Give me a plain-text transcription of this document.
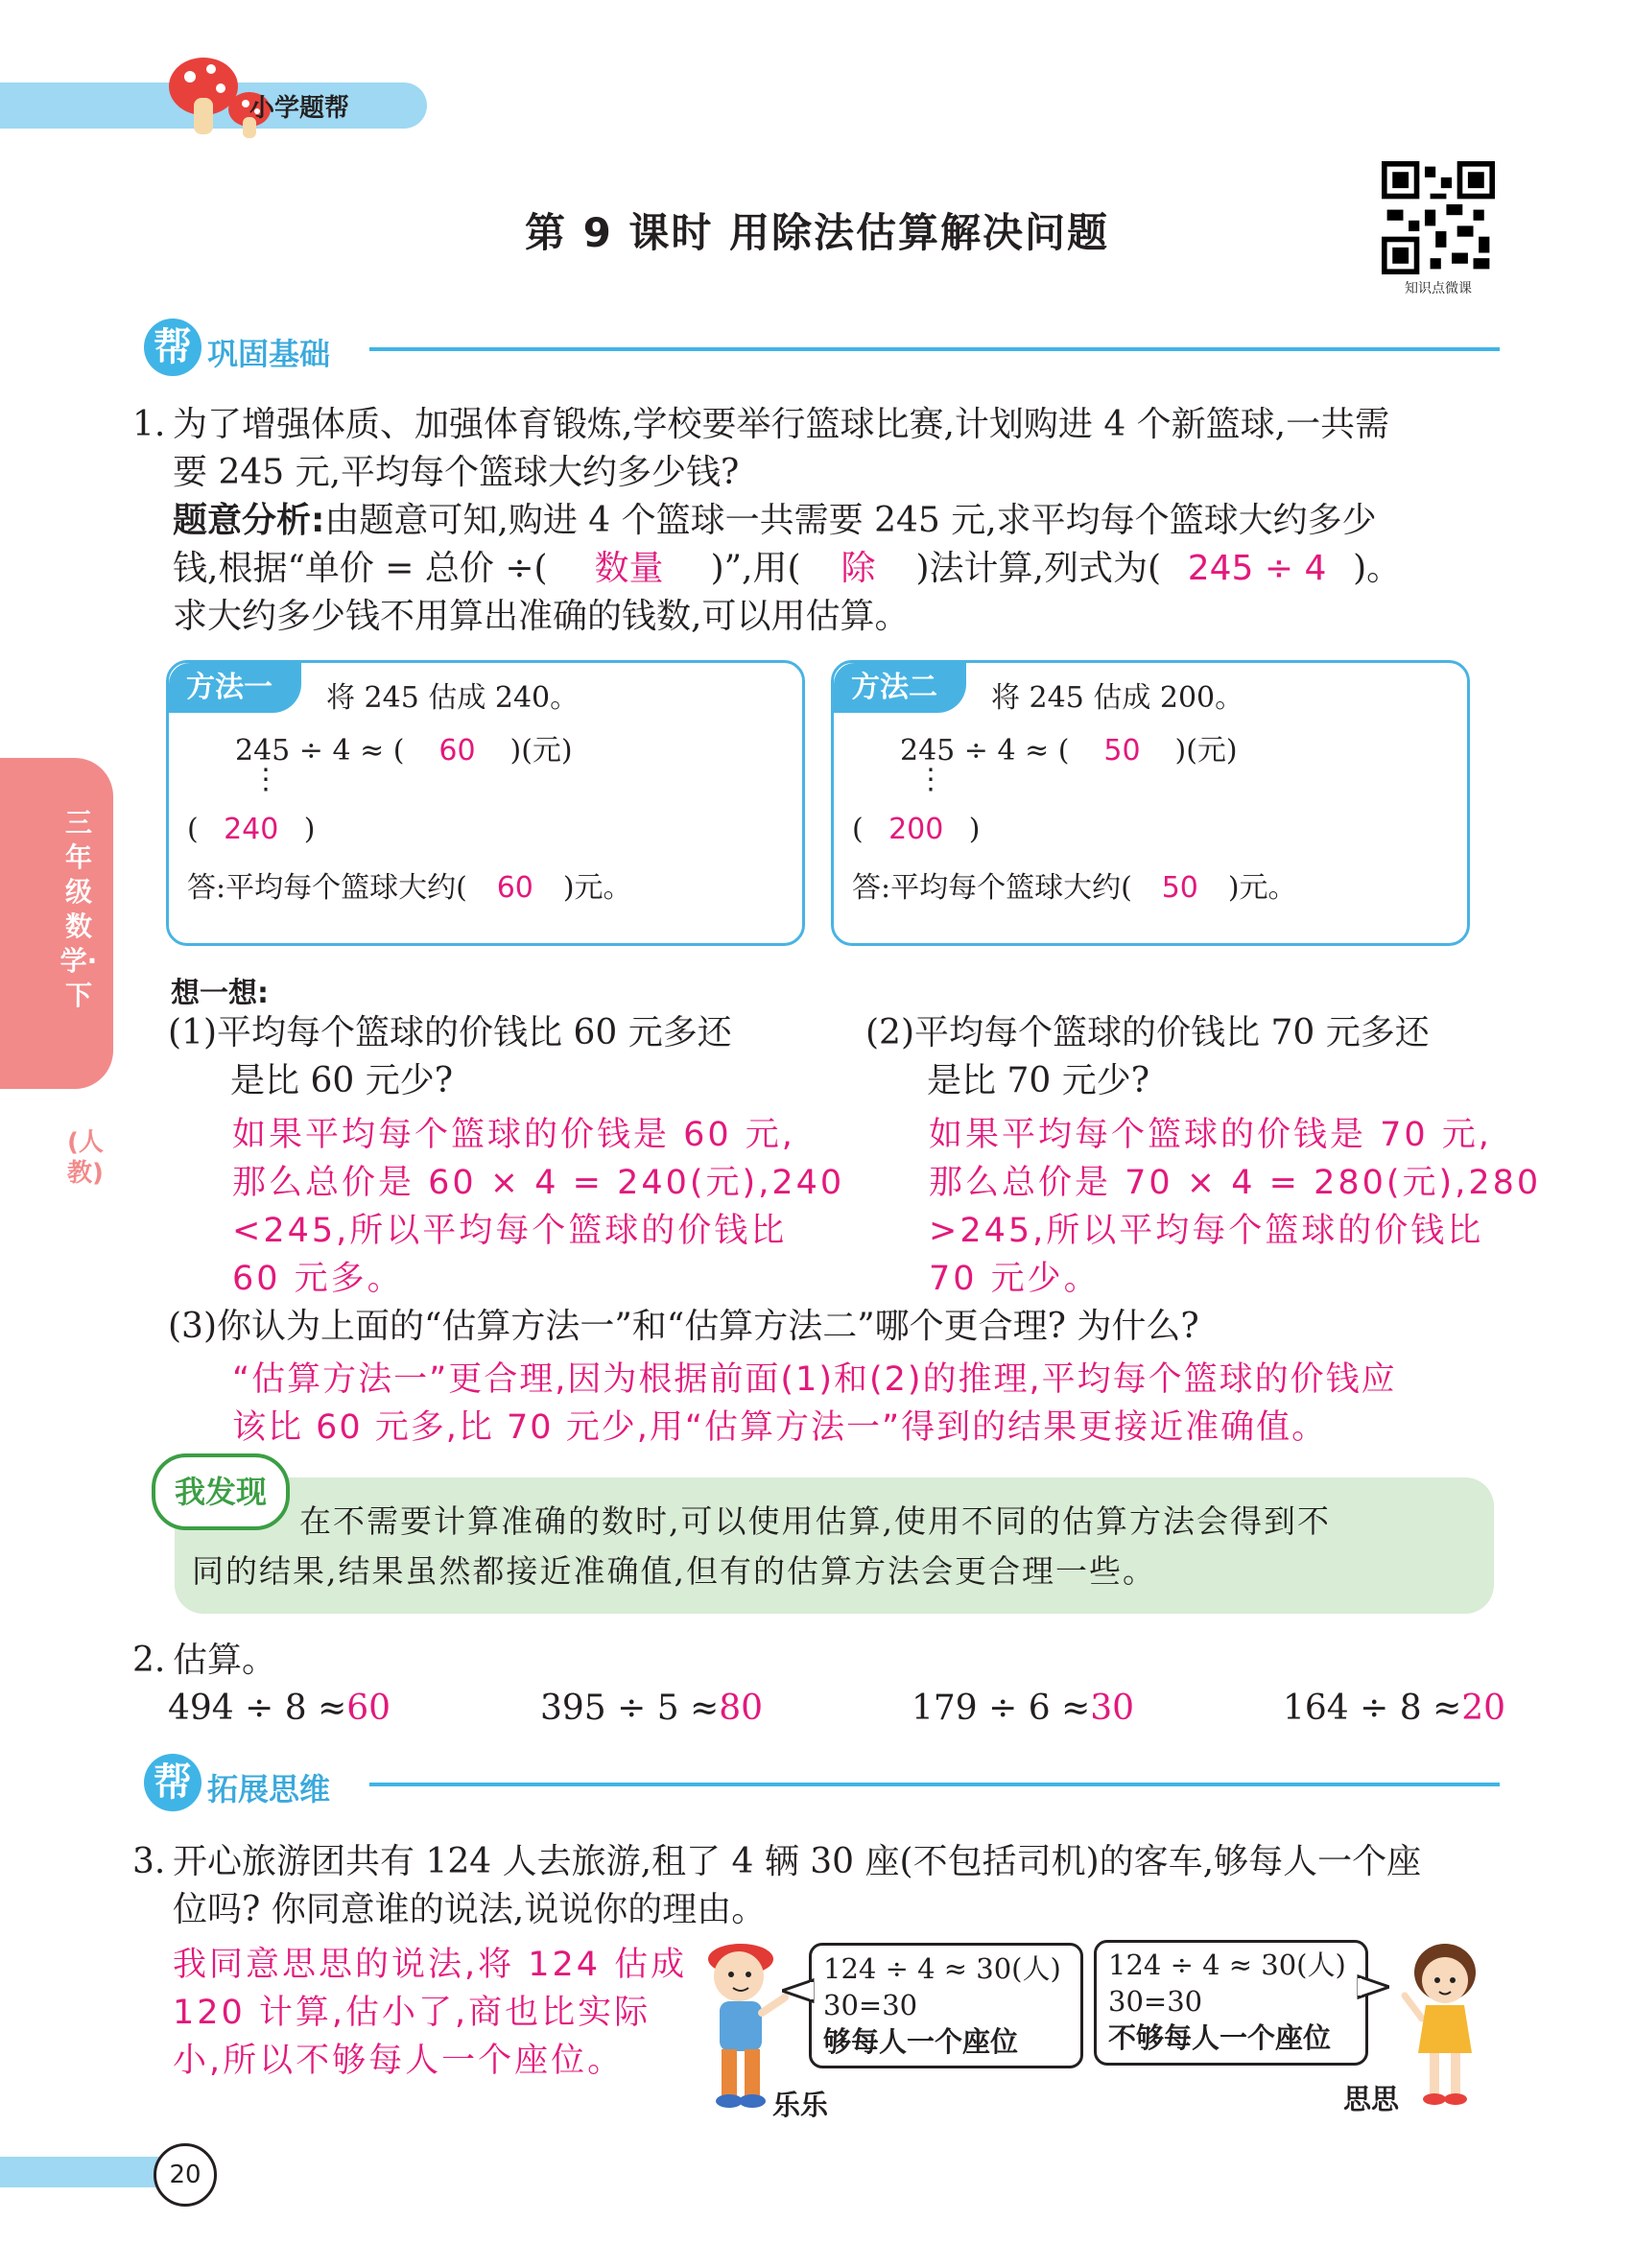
小学题帮
第 9 课时 用除法估算解决问题
知识点微课
帮 巩固基础
三年级数学·下
(人教)
1. 为了增强体质、加强体育锻炼,学校要举行篮球比赛,计划购进 4 个新篮球,一共需
要 245 元,平均每个篮球大约多少钱?
题意分析:由题意可知,购进 4 个篮球一共需要 245 元,求平均每个篮球大约多少
钱,根据“单价 = 总价 ÷( 数量 )”,用( 除 )法计算,列式为( 245 ÷ 4 )。
求大约多少钱不用算出准确的钱数,可以用估算。
方法一	将 245 估成 240。
245 ÷ 4 ≈ ( 60 )(元)
⋮
( 240 )
答:平均每个篮球大约( 60 )元。
方法二	将 245 估成 200。
245 ÷ 4 ≈ ( 50 )(元)
⋮
( 200 )
答:平均每个篮球大约( 50 )元。
想一想:
(1)平均每个篮球的价钱比 60 元多还
是比 60 元少?
如果平均每个篮球的价钱是 60 元,
那么总价是 60 × 4 = 240(元),240
<245,所以平均每个篮球的价钱比
60 元多。
(2)平均每个篮球的价钱比 70 元多还
是比 70 元少?
如果平均每个篮球的价钱是 70 元,
那么总价是 70 × 4 = 280(元),280
>245,所以平均每个篮球的价钱比
70 元少。
(3)你认为上面的“估算方法一”和“估算方法二”哪个更合理? 为什么?
“估算方法一”更合理,因为根据前面(1)和(2)的推理,平均每个篮球的价钱应
该比 60 元多,比 70 元少,用“估算方法一”得到的结果更接近准确值。
我发现
在不需要计算准确的数时,可以使用估算,使用不同的估算方法会得到不
同的结果,结果虽然都接近准确值,但有的估算方法会更合理一些。
2. 估算。
494 ÷ 8 ≈60	395 ÷ 5 ≈80	179 ÷ 6 ≈30	164 ÷ 8 ≈20
帮 拓展思维
3. 开心旅游团共有 124 人去旅游,租了 4 辆 30 座(不包括司机)的客车,够每人一个座
位吗? 你同意谁的说法,说说你的理由。
我同意思思的说法,将 124 估成
120 计算,估小了,商也比实际
小,所以不够每人一个座位。
乐乐
124 ÷ 4 ≈ 30(人)
30=30
够每人一个座位
124 ÷ 4 ≈ 30(人)
30=30
不够每人一个座位
思思
20
